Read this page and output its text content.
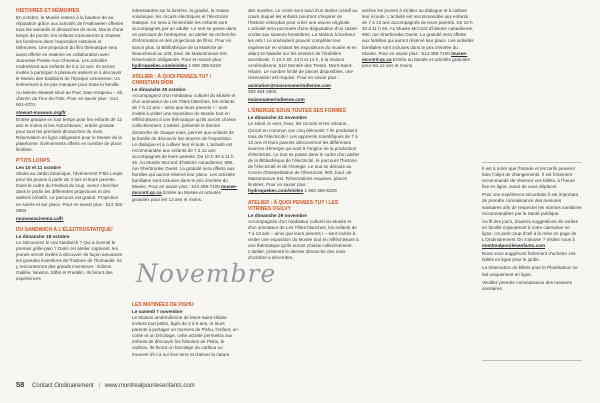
HISTOIRES ET MÉMOIRES
En octobre, le Musée restera à la hauteur de sa réputation grâce aux activités de l'Halloween offertes tous les samedis et dimanches du mois. Munis d'une lampe de poche, les enfants s'amuseront à chasser les fantômes dans l'exposition Histoires et Mémoires. Une projection du film thématique sera aussi offerte en matinée en collaboration avec Jeunesse Pointe-Aux-Cheveux. Les activités s'adressent aux enfants de 5 à 12 ans. Ils seront invités à participer à plusieurs ateliers et à découvrir le Musée des traditions de l'époque victorienne. Un événement à ne pas manquer pour toute la famille.
Au Musée Stewart situé au Parc Jean-Drapeau – 20, chemin du Tour-de-l'Isle. Pour en savoir plus : 514 861-6701
stewart-museum.org/fr
Entrée gratuite en tout temps pour les enfants de 12 ans et moins et les Autochtones ; entrée gratuite pour tous les premiers dimanches du mois. Réservation en ligne obligatoire pour le Musée de la plateforme. Événements offerts en nombre de place limitées.
P'TITS LOUPS
Les 10 et 11 octobre
Situés au Jardin botanique, l'événement P'tits Loups pour les jeunes à partir de 3 ans et leurs parents. Dans le cadre du Festival du loup, venez chercher dans le jardin les différentes projections et des ateliers créatifs. Le parcours est gratuit. Projection en soirée et sur place. Pour en savoir plus : 514 362-0904
nouvearacinema.ca/fr
DU SANDWICH À L'ÉLECTROSTATIQUE!
Le dimanche 18 octobre
Le Découvrez le vrai sandwich ? Qui a inventé le premier grille-pain ? Dans cet atelier captivant, les jeunes seront invités à découvrir de façon amusante les grandes inventions de l'histoire de l'humanité. Ils y rencontreront des grands inventeurs : Edison, Galilée, Newton, Eiffel et Franklin. Ils feront des expériences
inéressantes sur la lumière, la gravité, la masse volumique, les circuits électriques et l'électricité statique. Ce sera à l'ensemble les enfants sont accompagnés par un adulte. Le tout se passe dans un parcours de l'entreprise, un atelier de recherche d'information et des projections de films. Pour en savoir plus, la Bibliothèque de la Malécite de Beaucheval au 100, boul. de Maisonneuve Est. Réservation obligatoire. Pour en savoir plus : hydroquebec.com/visites 1 800 365-5229
ATELIER : À QUOI PENSES-TU? / CHRISTIAN DIOR
Le dimanche 25 octobre
Accompagnez d'un médiateur culturel du Musée et d'un animateur de Les Têtes blanches, les enfants de 7 à 12 ans – ainsi que leurs parents ! – sont invités à visiter une exposition du Musée tout en réfléchissant à une thématique qu'ils auront choisie collectivement. L'atelier, présenté le dernier dimanche de chaque mois, permet aux enfants de la famille de découvrir les œuvres de l'exposition. Le dialogue et à cultiver leur écoute. L'activité est recommandée aux enfants de 7 à 12 ans accompagnés de leurs parents. De 10 h 30 à 11 h 45. Au Musée McCord d'histoire canadienne, 690, rue Sherbrooke Ouest. La gratuité sera offerte aux familles qui auront réservé leur place. Les activités familiales sont incluses dans le prix d'entrée du Musée. Pour en savoir plus : 514 398-7100 musee-mccord.qc.ca Entrée au Musée et activités gratuites pour les 12 ans et moins.
Novembre
LES MATINÉES DE PISHU
Le samedi 7 novembre
Le Maison amérindienne de Mont-Saint-Hilaire invitera tout petits, âgés de 2 à 6 ans, et leurs parents à partager un moment de Pishu, l'enfant, un conte et un bricolage, cette activité permettra aux enfants de découvrir les histoires de Pishu, le caribou. Ils feront un bricolage du caribou ou trouvent d'ici à sur leur terre et d'aimer la nature.
des musées. Le conte sera suivi d'un atelier créatif au cours duquel les enfants pourront s'inspirer de l'histoire entendue pour créer une œuvre originale. L'activité sera ponctuée d'une dégustation d'un casse-croûte aux saveurs forestières. La Maison à bonheur les arts ! Le souhaitent pouvoir compléter leur expérience en visitant les expositions du musée et en allant se balader sur les sentiers de l'érablière ancestrale. À 10 h 30, 13 h et 14 h, à la maison Amérindienne, 510 Montée des Trente, Mont-Saint-Hilaire. Le nombre limité de places disponibles, une réservation est requise. Pour en savoir plus :
animation@maisonamerindienne.com
450 464-2500
maisonamerindienne.com
L'ÉNERGIE SOUS TOUTES SES FORMES
Le dimanche 22 novembre
Le soleil, le vent, l'eau, les circuits et les volcans... Qu'ont en commun ces cinq éléments ? Ils produisent tous de l'électricité ! Les apprentis scientifiques de 7 à 12 ans et leurs parents découvriront les différentes sources d'énergie qui sont à l'origine de la production d'électricité. Le tout se passe dans le cadre d'un atelier de la Bibliothèque de l'électricité, le parcours l'histoire de l'électricité et de l'énergie. Le tout se déroule au Centre d'interprétation de l'électricité, 800, boul. de Maisonneuve Est. Réservations requises, places limitées. Pour en savoir plus : hydroquebec.com/visites 1 800 365-5229
ATELIER : À QUOI PENSES-TU? / LES VITRINES OGILVY
Le dimanche 29 novembre
Accompagnés d'un médiateur culturel du Musée et d'un animateur de Les Têtes blanches, les enfants de 7 à 12 ans – ainsi que leurs parents ! – sont invités à visiter une exposition du Musée tout en réfléchissant à une thématique qu'ils auront choisie collectivement. L'atelier, présenté le dernier dimanche des mois d'octobre à décembre,
amène les jeunes à s'initier au dialogue et à cultiver leur écoute. L'activité est recommandée aux enfants de 7 à 12 ans accompagnés de leurs parents. De 10 h 30 à 11 h 45. Au Musée McCord d'histoire canadienne, 690, rue Sherbrooke Ouest. La gratuité sera offerte aux familles qui auront réservé leur place. Les activités familiales sont incluses dans le prix d'entrée du Musée. Pour en savoir plus : 514 398-7100 musee-mccord.qc.ca Entrée au Musée et activités gratuites pour les 12 ans et moins.
Il est à noter que l'horaire et les tarifs peuvent faire l'objet de changements. Il est fortement recommandé de réserver vos billets, à l'heure fixe en ligne, avant de vous déplacer.
Pour une expérience sécuritaire il est important de prendre connaissance des mesures sanitaires afin de respecter les normes sanitaires recommandées par la Santé publique.
Au fil des jours, d'autres suggestions de sorties en famille s'ajouteront à notre calendrier en ligne. Un petit coup d'œil à la mise en page de L'Ondinairement On s'amuse ? Visitez nous à montrealpourlesenfants.com
Nous vous suggérons fortement d'acheter vos billets en ligne pour le jardin.
La réservation de billets pour le Planétarium se fait uniquement en ligne.
Veuillez prendre connaissance des mesures sanitaires.
58 Contact Ondinairement | www.montrealpourlesenfants.com
